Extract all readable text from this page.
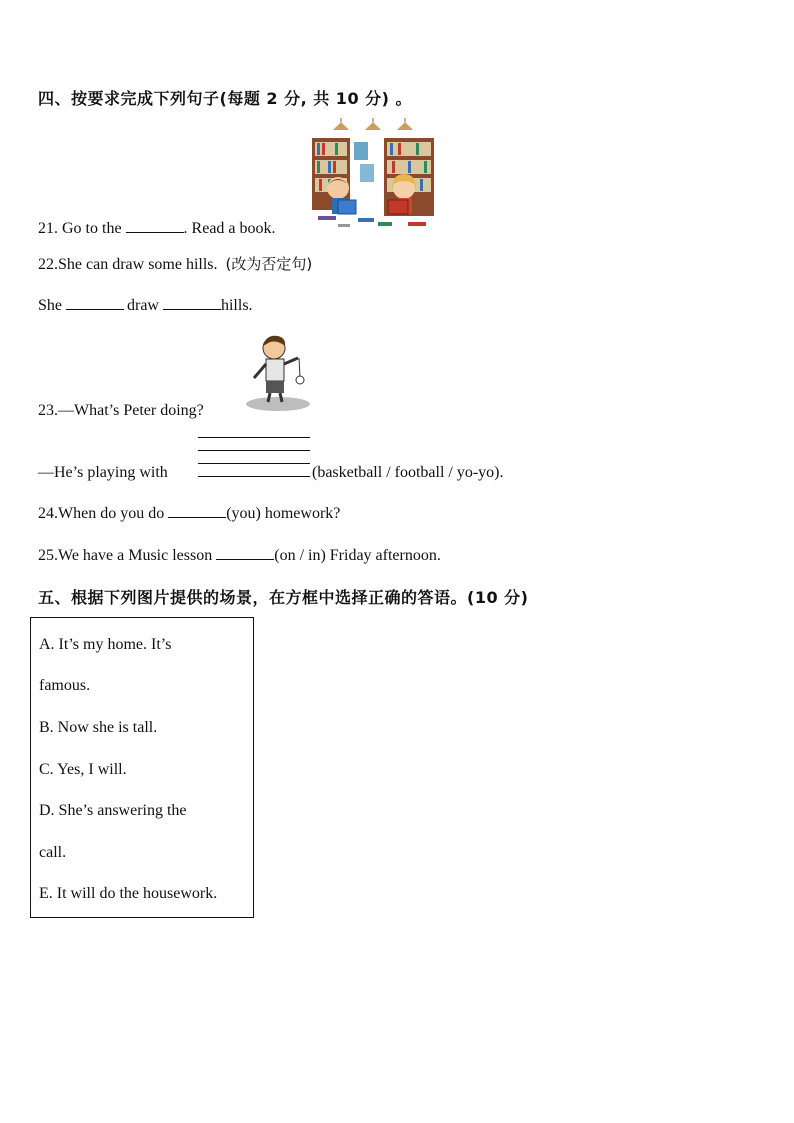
四、按要求完成下列句子(每题 2 分, 共 10 分) 。
21. Go to the	. Read a book.
22.She can draw some hills. (改为否定句)
She	draw	hills.
23.—What’s Peter doing?
—He’s playing with	(basketball / football / yo-yo).
24.When do you do	(you) homework?
25.We have a Music lesson	(on / in) Friday afternoon.
五、根据下列图片提供的场景，在方框中选择正确的答语。(10 分)
A. It’s my home. It’s
famous.
B. Now she is tall.
C. Yes, I will.
D. She’s answering the
call.
E. It will do the housework.
